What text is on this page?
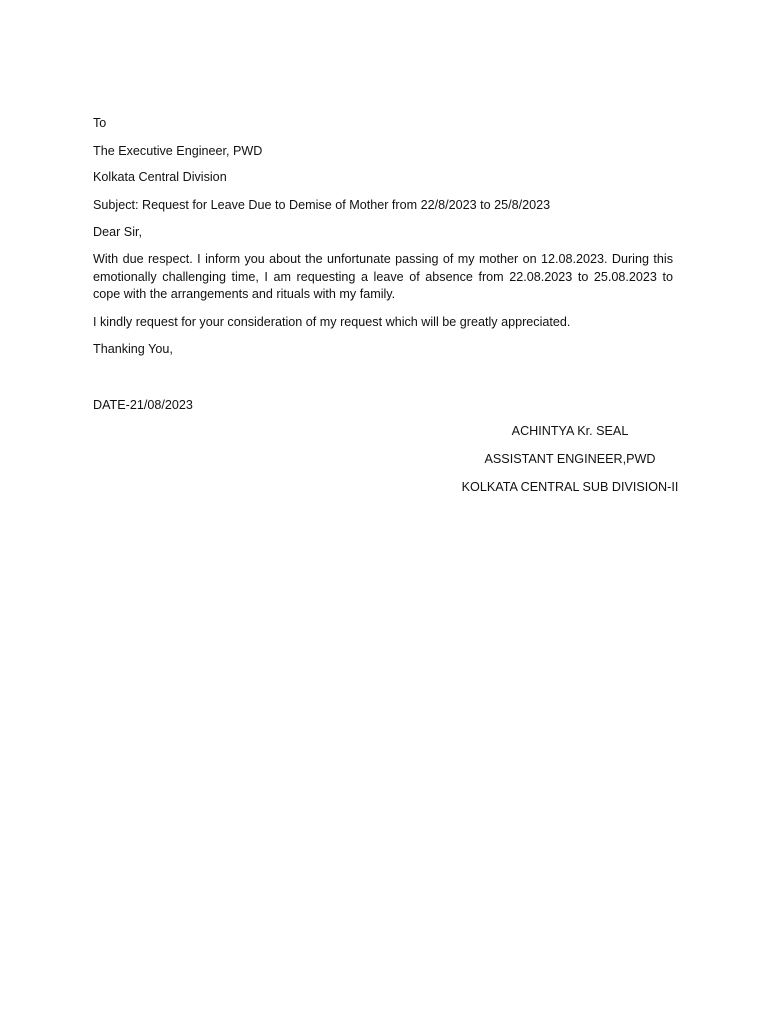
To
The Executive Engineer, PWD
Kolkata Central Division
Subject: Request for Leave Due to Demise of Mother from 22/8/2023 to 25/8/2023
Dear Sir,
With due respect. I inform you about the unfortunate passing of my mother on 12.08.2023. During this emotionally challenging time, I am requesting a leave of absence from 22.08.2023 to 25.08.2023 to cope with the arrangements and rituals with my family.
I kindly request for your consideration of my request which will be greatly appreciated.
Thanking You,
DATE-21/08/2023
ACHINTYA Kr. SEAL
ASSISTANT ENGINEER,PWD
KOLKATA CENTRAL SUB DIVISION-II
